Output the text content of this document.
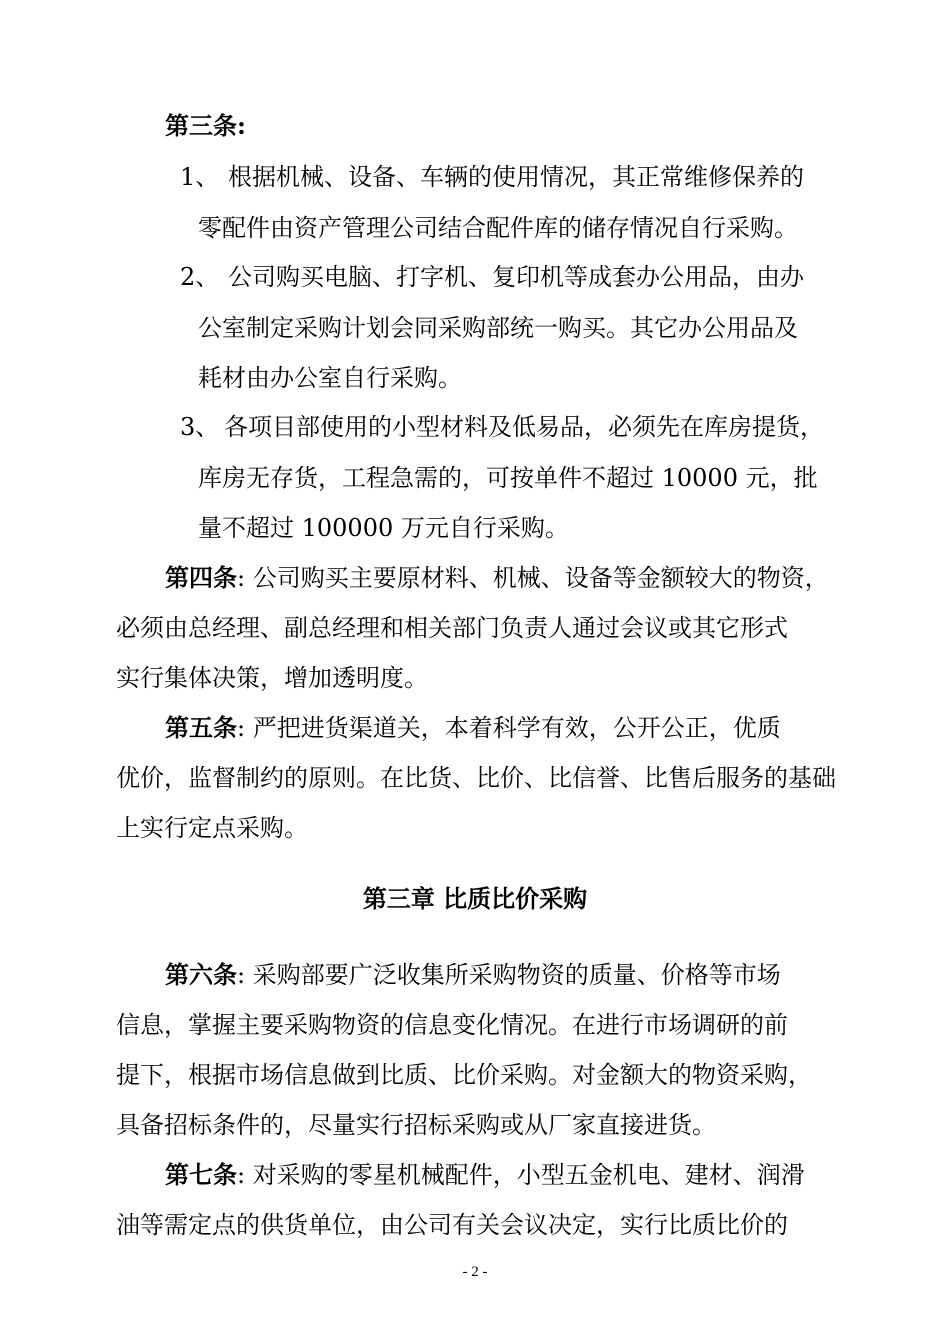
第三条:
1、 根据机械、设备、车辆的使用情况，其正常维修保养的
零配件由资产管理公司结合配件库的储存情况自行采购。
2、 公司购买电脑、打字机、复印机等成套办公用品，由办
公室制定采购计划会同采购部统一购买。其它办公用品及
耗材由办公室自行采购。
3、 各项目部使用的小型材料及低易品，必须先在库房提货，
库房无存货，工程急需的，可按单件不超过 10000 元，批
量不超过 100000 万元自行采购。
第四条: 公司购买主要原材料、机械、设备等金额较大的物资，
必须由总经理、副总经理和相关部门负责人通过会议或其它形式
实行集体决策，增加透明度。
第五条: 严把进货渠道关，本着科学有效，公开公正，优质
优价，监督制约的原则。在比货、比价、比信誉、比售后服务的基础
上实行定点采购。
第三章 比质比价采购
第六条: 采购部要广泛收集所采购物资的质量、价格等市场
信息，掌握主要采购物资的信息变化情况。在进行市场调研的前
提下，根据市场信息做到比质、比价采购。对金额大的物资采购，
具备招标条件的，尽量实行招标采购或从厂家直接进货。
第七条: 对采购的零星机械配件，小型五金机电、建材、润滑
油等需定点的供货单位，由公司有关会议决定，实行比质比价的
- 2 -
